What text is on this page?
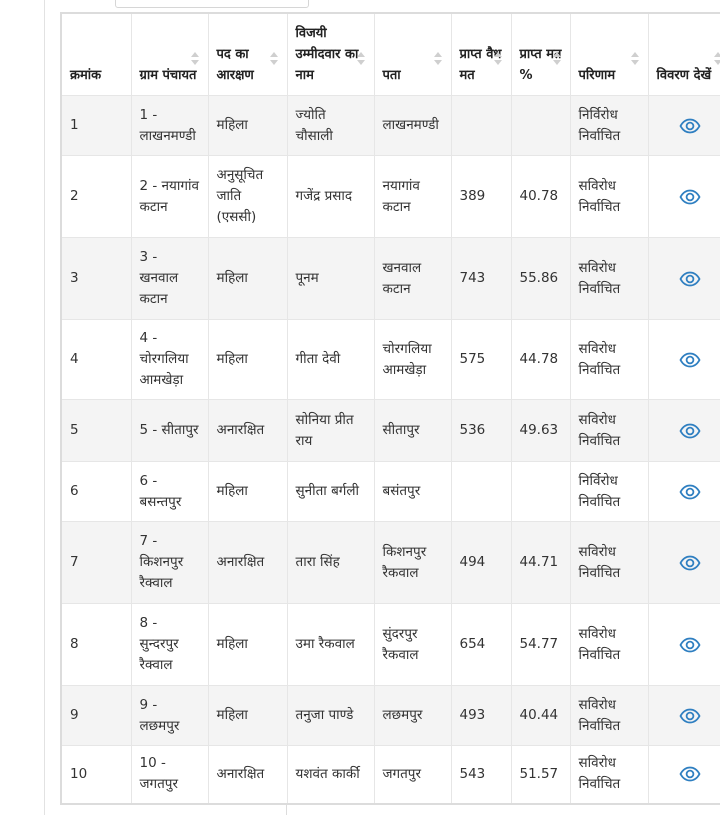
क्रमांक	ग्राम पंचायत	पद का आरक्षण	विजयी उम्मीदवार का नाम	पता	प्राप्त वैध मत	प्राप्त मत %	परिणाम	विवरण देखें

1	1 - लाखनमण्डी	महिला	ज्योति चौसाली	लाखनमण्डी			निर्विरोध निर्वाचित	

2	2 - नयागांव कटान	अनुसूचित जाति (एससी)	गजेंद्र प्रसाद	नयागांव कटान	389	40.78	सविरोध निर्वाचित	

3	3 - खनवाल कटान	महिला	पूनम	खनवाल कटान	743	55.86	सविरोध निर्वाचित	

4	4 - चोरगलिया आमखेड़ा	महिला	गीता देवी	चोरगलिया आमखेड़ा	575	44.78	सविरोध निर्वाचित	

5	5 - सीतापुर	अनारक्षित	सोनिया प्रीत राय	सीतापुर	536	49.63	सविरोध निर्वाचित	

6	6 - बसन्तपुर	महिला	सुनीता बर्गली	बसंतपुर			निर्विरोध निर्वाचित	

7	7 - किशनपुर रैक्वाल	अनारक्षित	तारा सिंह	किशनपुर रैकवाल	494	44.71	सविरोध निर्वाचित	

8	8 - सुन्दरपुर रैक्वाल	महिला	उमा रैकवाल	सुंदरपुर रैकवाल	654	54.77	सविरोध निर्वाचित	

9	9 - लछमपुर	महिला	तनुजा पाण्डे	लछमपुर	493	40.44	सविरोध निर्वाचित	

10	10 - जगतपुर	अनारक्षित	यशवंत कार्की	जगतपुर	543	51.57	सविरोध निर्वाचित	
